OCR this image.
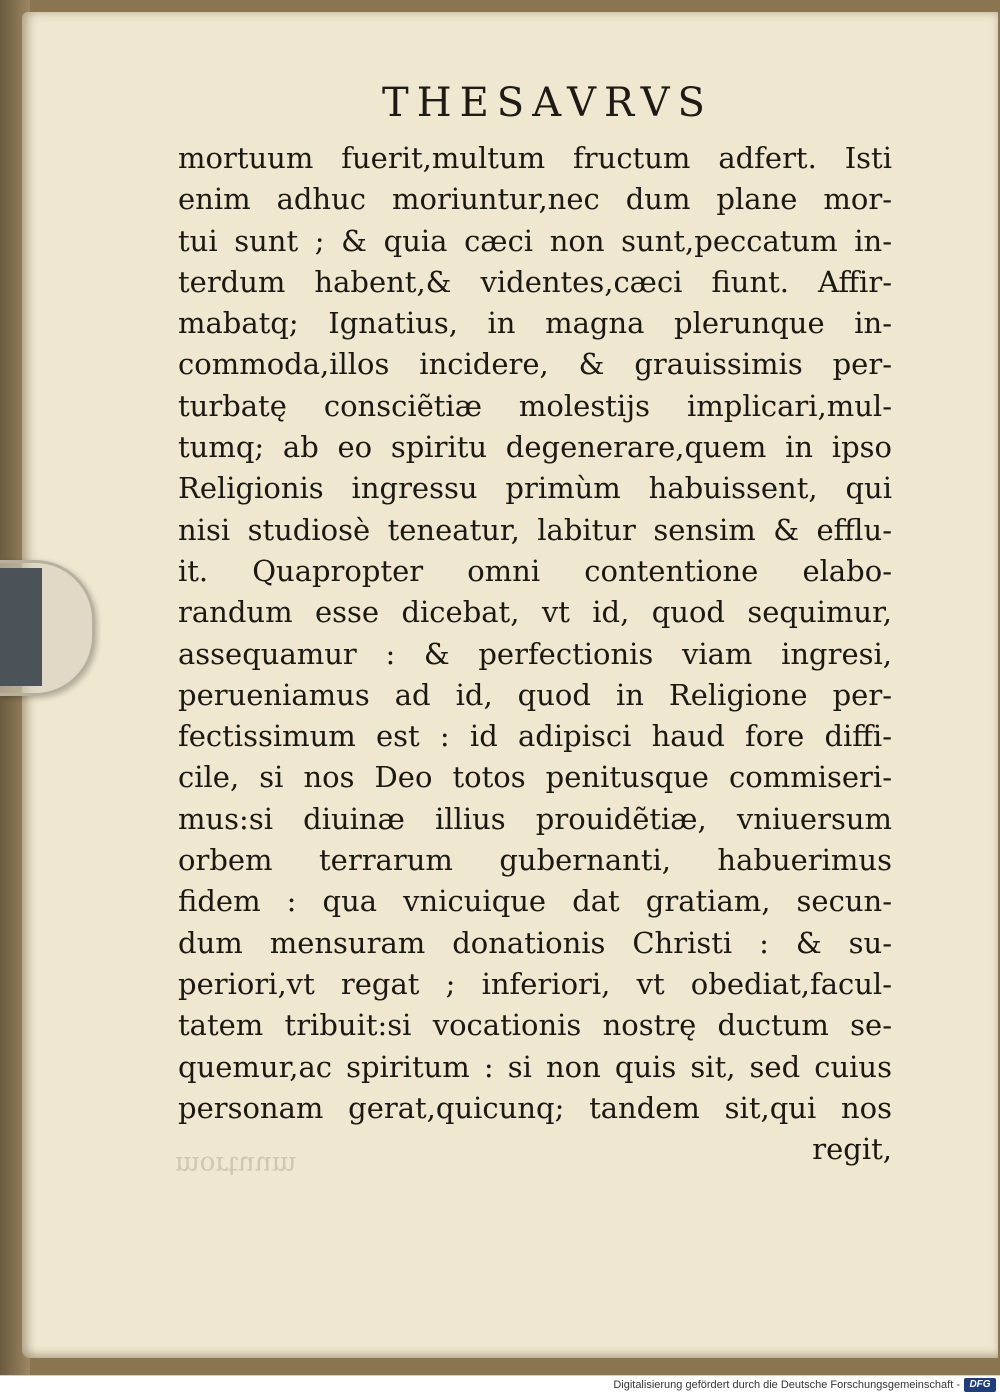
mortuum
THESAVRVS
mortuum fuerit,multum fructum adfert. Isti
enim adhuc moriuntur,nec dum plane mor-
tui sunt ; & quia cæci non sunt,peccatum in-
terdum habent,& videntes,cæci fiunt. Affir-
mabatq; Ignatius, in magna plerunque in-
commoda,illos incidere, & grauissimis per-
turbatę consciẽtiæ molestijs implicari,mul-
tumq; ab eo spiritu degenerare,quem in ipso
Religionis ingressu primùm habuissent, qui
nisi studiosè teneatur, labitur sensim & efflu-
it. Quapropter omni contentione elabo-
randum esse dicebat, vt id, quod sequimur,
assequamur : & perfectionis viam ingresi,
perueniamus ad id, quod in Religione per-
fectissimum est : id adipisci haud fore diffi-
cile, si nos Deo totos penitusque commiseri-
mus:si diuinæ illius prouidẽtiæ, vniuersum
orbem terrarum gubernanti, habuerimus
fidem : qua vnicuique dat gratiam, secun-
dum mensuram donationis Christi : & su-
periori,vt regat ; inferiori, vt obediat,facul-
tatem tribuit:si vocationis nostrę ductum se-
quemur,ac spiritum : si non quis sit, sed cuius
personam gerat,quicunq; tandem sit,qui nos
regit,
Digitalisierung gefördert durch die Deutsche Forschungsgemeinschaft - DFG
